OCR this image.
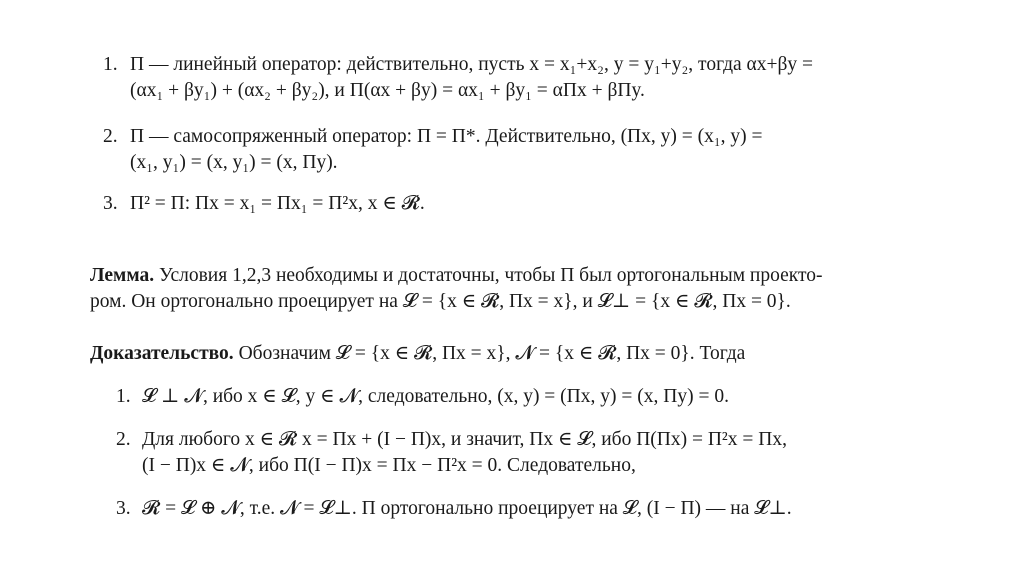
1. Π — линейный оператор: действительно, пусть x = x₁+x₂, y = y₁+y₂, тогда αx+βy =
(αx₁ + βy₁) + (αx₂ + βy₂), и Π(αx + βy) = αx₁ + βy₁ = αΠx + βΠy.
2. Π — самосопряженный оператор: Π = Π*. Действительно, (Πx, y) = (x₁, y) =
(x₁, y₁) = (x, y₁) = (x, Πy).
3. Π² = Π: Πx = x₁ = Πx₁ = Π²x, x ∈ 𝓡.
Лемма. Условия 1,2,3 необходимы и достаточны, чтобы Π был ортогональным проекто-
ром. Он ортогонально проецирует на 𝓛 = {x ∈ 𝓡, Πx = x}, и 𝓛⊥ = {x ∈ 𝓡, Πx = 0}.
Доказательство. Обозначим 𝓛 = {x ∈ 𝓡, Πx = x}, 𝓝 = {x ∈ 𝓡, Πx = 0}. Тогда
1. 𝓛 ⊥ 𝓝, ибо x ∈ 𝓛, y ∈ 𝓝, следовательно, (x, y) = (Πx, y) = (x, Πy) = 0.
2. Для любого x ∈ 𝓡 x = Πx + (I − Π)x, и значит, Πx ∈ 𝓛, ибо Π(Πx) = Π²x = Πx,
(I − Π)x ∈ 𝓝, ибо Π(I − Π)x = Πx − Π²x = 0. Следовательно,
3. 𝓡 = 𝓛 ⊕ 𝓝, т.е. 𝓝 = 𝓛⊥. Π ортогонально проецирует на 𝓛, (I − Π) — на 𝓛⊥.
